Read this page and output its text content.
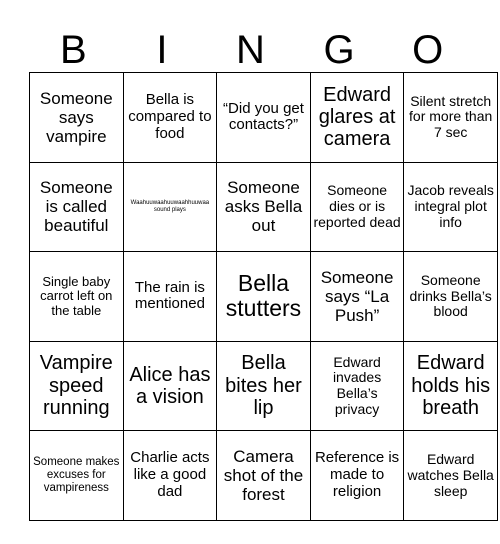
B	I	N	G	O
Someone says vampire	Bella is compared to food	“Did you get contacts?”	Edward glares at camera	Silent stretch for more than 7 sec
Someone is called beautiful	Waahuuwaahuuwaahhuuwaa sound plays	Someone asks Bella out	Someone dies or is reported dead	Jacob reveals integral plot info
Single baby carrot left on the table	The rain is mentioned	Bella stutters	Someone says “La Push”	Someone drinks Bella’s blood
Vampire speed running	Alice has a vision	Bella bites her lip	Edward invades Bella’s privacy	Edward holds his breath
Someone makes excuses for vampireness	Charlie acts like a good dad	Camera shot of the forest	Reference is made to religion	Edward watches Bella sleep
